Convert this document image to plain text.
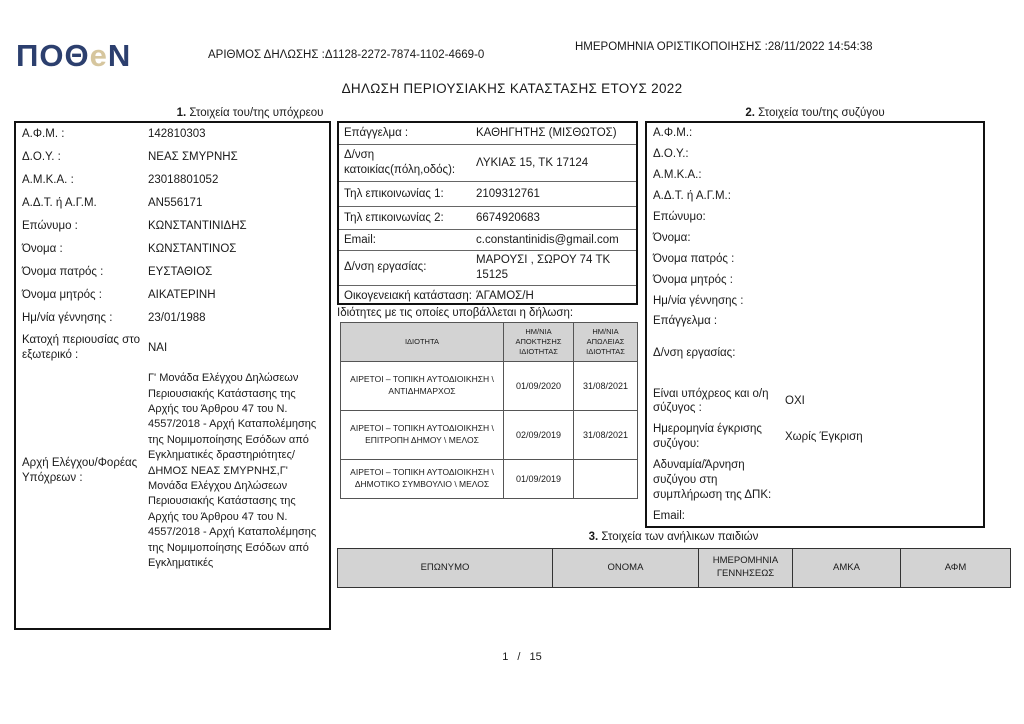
ΠΟΘeΝ	ΑΡΙΘΜΟΣ ΔΗΛΩΣΗΣ :Δ1128-2272-7874-1102-4669-0
ΗΜΕΡΟΜΗΝΙΑ ΟΡΙΣΤΙΚΟΠΟΙΗΣΗΣ :28/11/2022 14:54:38
ΔΗΛΩΣΗ ΠΕΡΙΟΥΣΙΑΚΗΣ ΚΑΤΑΣΤΑΣΗΣ ΕΤΟΥΣ 2022
1. Στοιχεία του/της υπόχρεου	2. Στοιχεία του/της συζύγου
3. Στοιχεία των ανήλικων παιδιών
Α.Φ.Μ. :	142810303
Δ.Ο.Υ. :	ΝΕΑΣ ΣΜΥΡΝΗΣ
Α.Μ.Κ.Α. :	23018801052
Α.Δ.Τ. ή Α.Γ.Μ.	AN556171
Επώνυμο :	ΚΩΝΣΤΑΝΤΙΝΙΔΗΣ
Όνομα :	ΚΩΝΣΤΑΝΤΙΝΟΣ
Όνομα πατρός :	ΕΥΣΤΑΘΙΟΣ
Όνομα μητρός :	ΑΙΚΑΤΕΡΙΝΗ
Ημ/νία γέννησης :	23/01/1988
Κατοχή περιουσίας στο εξωτερικό :
ΝΑΙ
Αρχή Ελέγχου/Φορέας Υπόχρεων :
Γ' Μονάδα Ελέγχου Δηλώσεων Περιουσιακής Κατάστασης της Αρχής του Άρθρου 47 του Ν. 4557/2018 - Αρχή Καταπολέμησης της Νομιμοποίησης Εσόδων από Εγκληματικές δραστηριότητες/ΔΗΜΟΣ ΝΕΑΣ ΣΜΥΡΝΗΣ,Γ' Μονάδα Ελέγχου Δηλώσεων Περιουσιακής Κατάστασης της Αρχής του Άρθρου 47 του Ν. 4557/2018 - Αρχή Καταπολέμησης της Νομιμοποίησης Εσόδων από Εγκληματικές
Επάγγελμα :	ΚΑΘΗΓΗΤΗΣ (ΜΙΣΘΩΤΟΣ)
Δ/νση κατοικίας(πόλη,οδός):
ΛΥΚΙΑΣ 15, ΤΚ 17124
Τηλ επικοινωνίας 1:	2109312761
Τηλ επικοινωνίας 2:	6674920683
Email:	c.constantinidis@gmail.com
Δ/νση εργασίας:
ΜΑΡΟΥΣΙ , ΣΩΡΟΥ 74 ΤΚ 15125
Οικογενειακή κατάσταση: ΆΓΑΜΟΣ/Η
Ιδιότητες με τις οποίες υποβάλλεται η δήλωση:
ΙΔΙΟΤΗΤΑ	ΗΜ/ΝΙΑ ΑΠΟΚΤΗΣΗΣ ΙΔΙΟΤΗΤΑΣ	ΗΜ/ΝΙΑ ΑΠΩΛΕΙΑΣ ΙΔΙΟΤΗΤΑΣ
ΑΙΡΕΤΟΙ – ΤΟΠΙΚΗ ΑΥΤΟΔΙΟΙΚΗΣΗ \ ΑΝΤΙΔΗΜΑΡΧΟΣ	01/09/2020	31/08/2021
ΑΙΡΕΤΟΙ – ΤΟΠΙΚΗ ΑΥΤΟΔΙΟΙΚΗΣΗ \ ΕΠΙΤΡΟΠΗ ΔΗΜΟΥ \ ΜΕΛΟΣ	02/09/2019	31/08/2021
ΑΙΡΕΤΟΙ – ΤΟΠΙΚΗ ΑΥΤΟΔΙΟΙΚΗΣΗ \ ΔΗΜΟΤΙΚΟ ΣΥΜΒΟΥΛΙΟ \ ΜΕΛΟΣ	01/09/2019	
Α.Φ.Μ.:
Δ.Ο.Υ.:
Α.Μ.Κ.Α.:
Α.Δ.Τ. ή Α.Γ.Μ.:
Επώνυμο:
Όνομα:
Όνομα πατρός :
Όνομα μητρός :
Ημ/νία γέννησης :
Επάγγελμα :
Δ/νση εργασίας:
Είναι υπόχρεος και ο/η σύζυγος :
ΟΧΙ
Ημερομηνία έγκρισης συζύγου:
Χωρίς Έγκριση
Αδυναμία/Άρνηση συζύγου στη συμπλήρωση της ΔΠΚ:
Email:
ΕΠΩΝΥΜΟ	ΟΝΟΜΑ	ΗΜΕΡΟΜΗΝΙΑ ΓΕΝΝΗΣΕΩΣ	ΑΜΚΑ	ΑΦΜ
1 / 15
